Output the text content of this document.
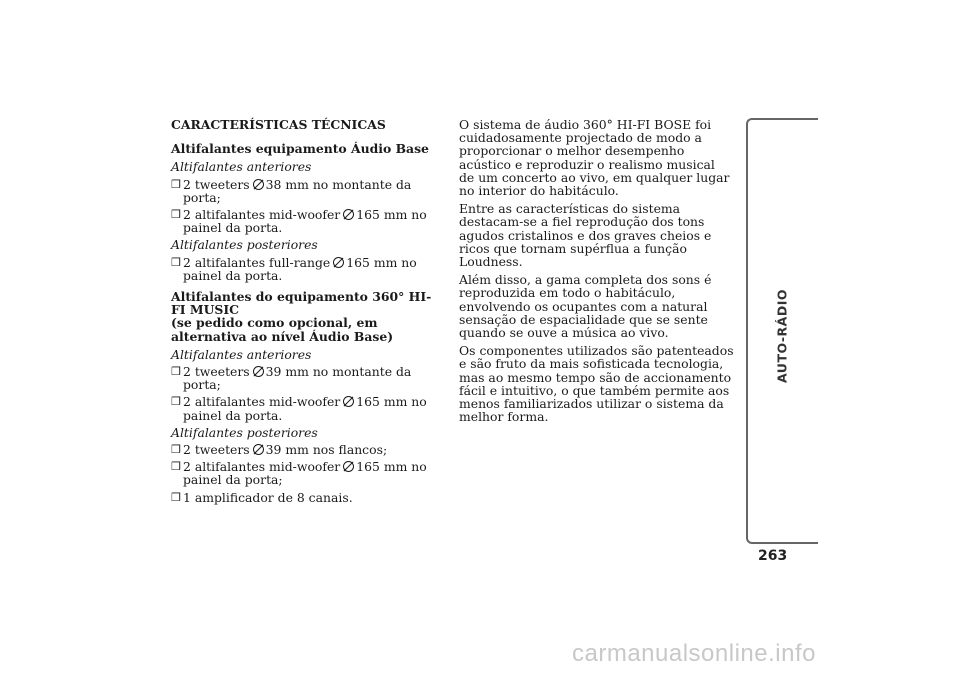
CARACTERÍSTICAS TÉCNICAS
Altifalantes equipamento Áudio Base
Altifalantes anteriores
❒ 2 tweeters 38 mm no montante da porta;
❒ 2 altifalantes mid-woofer 165 mm no painel da porta.
Altifalantes posteriores
❒ 2 altifalantes full-range 165 mm no painel da porta.
Altifalantes do equipamento 360° HI-FI MUSIC
(se pedido como opcional, em alternativa ao nível Áudio Base)
Altifalantes anteriores
❒ 2 tweeters 39 mm no montante da porta;
❒ 2 altifalantes mid-woofer 165 mm no painel da porta.
Altifalantes posteriores
❒ 2 tweeters 39 mm nos flancos;
❒ 2 altifalantes mid-woofer 165 mm no painel da porta;
❒ 1 amplificador de 8 canais.

O sistema de áudio 360° HI-FI BOSE foi cuidadosamente projectado de modo a proporcionar o melhor desempenho acústico e reproduzir o realismo musical de um concerto ao vivo, em qualquer lugar no interior do habitáculo.

Entre as características do sistema destacam-se a fiel reprodução dos tons agudos cristalinos e dos graves cheios e ricos que tornam supérflua a função Loudness.

Além disso, a gama completa dos sons é reproduzida em todo o habitáculo, envolvendo os ocupantes com a natural sensação de espacialidade que se sente quando se ouve a música ao vivo.

Os componentes utilizados são patenteados e são fruto da mais sofisticada tecnologia, mas ao mesmo tempo são de accionamento fácil e intuitivo, o que também permite aos menos familiarizados utilizar o sistema da melhor forma.

AUTO-RÁDIO
263
carmanualsonline.info
